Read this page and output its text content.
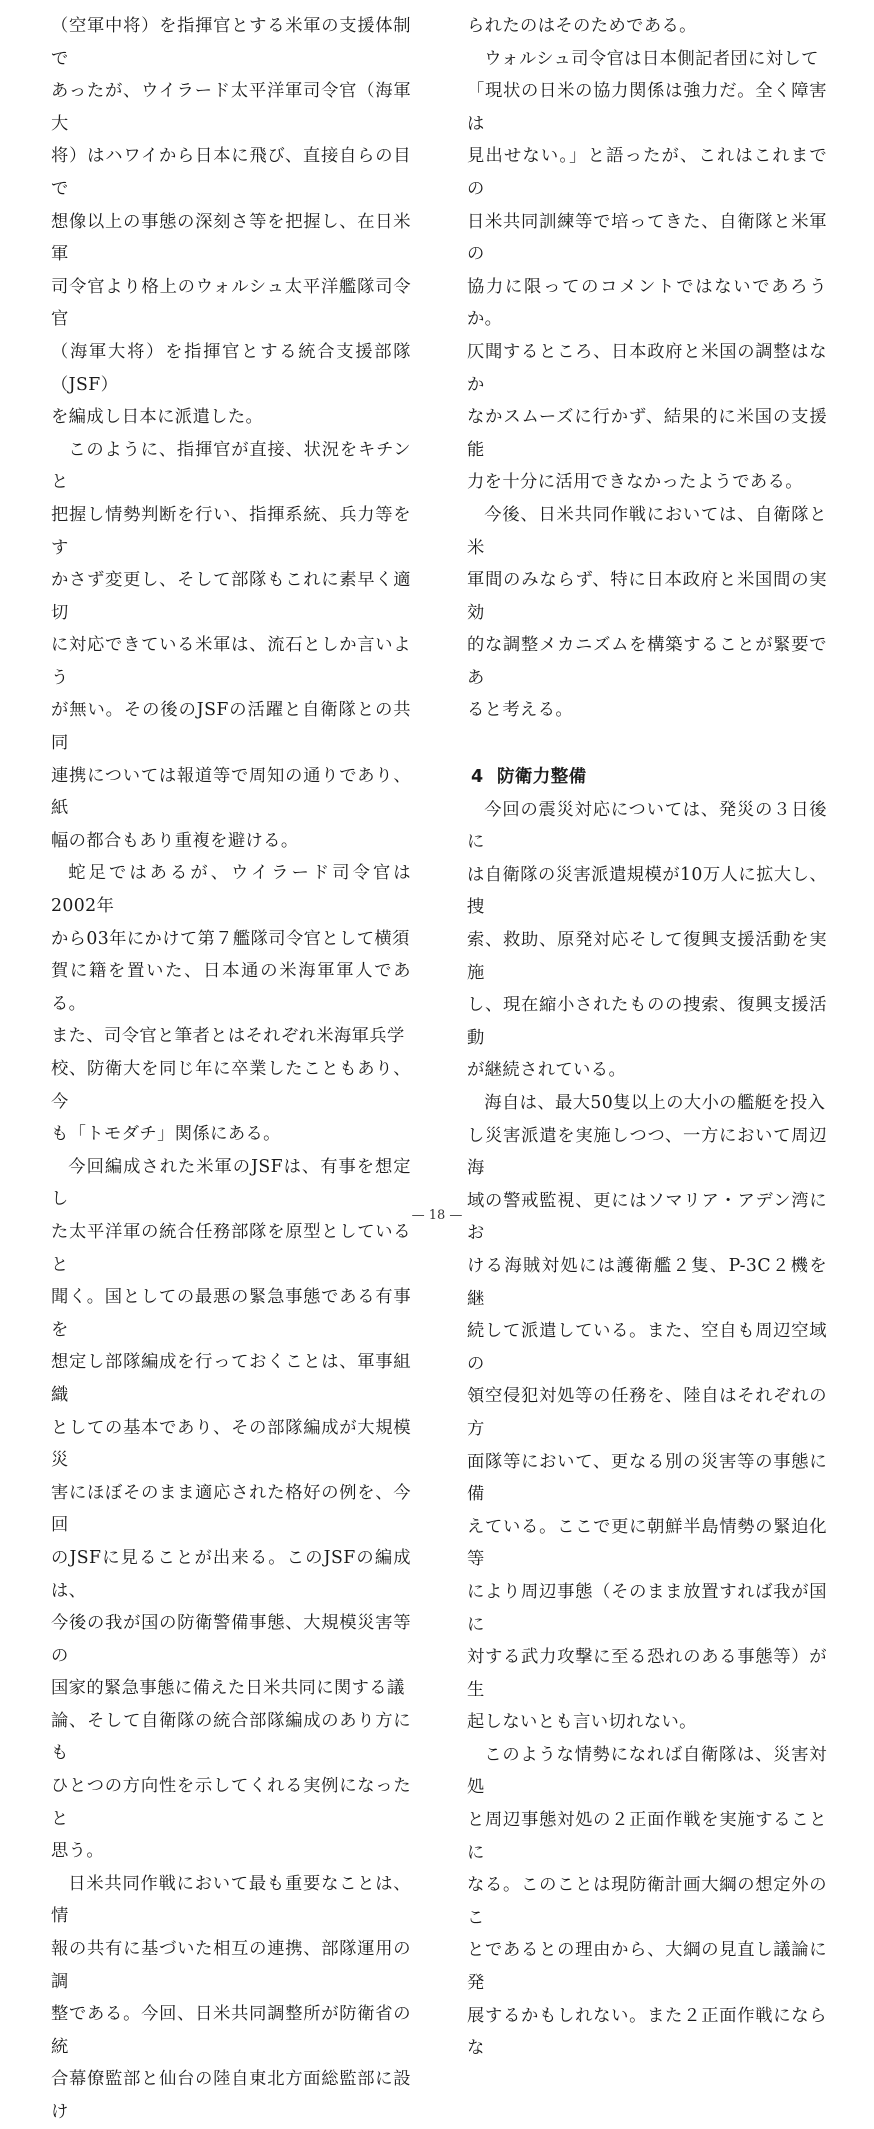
（空軍中将）を指揮官とする米軍の支援体制で
あったが、ウイラード太平洋軍司令官（海軍大
将）はハワイから日本に飛び、直接自らの目で
想像以上の事態の深刻さ等を把握し、在日米軍
司令官より格上のウォルシュ太平洋艦隊司令官
（海軍大将）を指揮官とする統合支援部隊（JSF）
を編成し日本に派遣した。

このように、指揮官が直接、状況をキチンと
把握し情勢判断を行い、指揮系統、兵力等をす
かさず変更し、そして部隊もこれに素早く適切
に対応できている米軍は、流石としか言いよう
が無い。その後のJSFの活躍と自衛隊との共同
連携については報道等で周知の通りであり、紙
幅の都合もあり重複を避ける。

蛇足ではあるが、ウイラード司令官は2002年
から03年にかけて第７艦隊司令官として横須
賀に籍を置いた、日本通の米海軍軍人である。
また、司令官と筆者とはそれぞれ米海軍兵学
校、防衛大を同じ年に卒業したこともあり、今
も「トモダチ」関係にある。

今回編成された米軍のJSFは、有事を想定し
た太平洋軍の統合任務部隊を原型としていると
聞く。国としての最悪の緊急事態である有事を
想定し部隊編成を行っておくことは、軍事組織
としての基本であり、その部隊編成が大規模災
害にほぼそのまま適応された格好の例を、今回
のJSFに見ることが出来る。このJSFの編成は、
今後の我が国の防衛警備事態、大規模災害等の
国家的緊急事態に備えた日米共同に関する議
論、そして自衛隊の統合部隊編成のあり方にも
ひとつの方向性を示してくれる実例になったと
思う。

日米共同作戦において最も重要なことは、情
報の共有に基づいた相互の連携、部隊運用の調
整である。今回、日米共同調整所が防衛省の統
合幕僚監部と仙台の陸自東北方面総監部に設け

られたのはそのためである。

ウォルシュ司令官は日本側記者団に対して
「現状の日米の協力関係は強力だ。全く障害は
見出せない。」と語ったが、これはこれまでの
日米共同訓練等で培ってきた、自衛隊と米軍の
協力に限ってのコメントではないであろうか。
仄聞するところ、日本政府と米国の調整はなか
なかスムーズに行かず、結果的に米国の支援能
力を十分に活用できなかったようである。

今後、日米共同作戦においては、自衛隊と米
軍間のみならず、特に日本政府と米国間の実効
的な調整メカニズムを構築することが緊要であ
ると考える。

4 防衛力整備

今回の震災対応については、発災の３日後に
は自衛隊の災害派遣規模が10万人に拡大し、捜
索、救助、原発対応そして復興支援活動を実施
し、現在縮小されたものの捜索、復興支援活動
が継続されている。

海自は、最大50隻以上の大小の艦艇を投入
し災害派遣を実施しつつ、一方において周辺海
域の警戒監視、更にはソマリア・アデン湾にお
ける海賊対処には護衛艦２隻、P-3C２機を継
続して派遣している。また、空自も周辺空域の
領空侵犯対処等の任務を、陸自はそれぞれの方
面隊等において、更なる別の災害等の事態に備
えている。ここで更に朝鮮半島情勢の緊迫化等
により周辺事態（そのまま放置すれば我が国に
対する武力攻撃に至る恐れのある事態等）が生
起しないとも言い切れない。

このような情勢になれば自衛隊は、災害対処
と周辺事態対処の２正面作戦を実施することに
なる。このことは現防衛計画大綱の想定外のこ
とであるとの理由から、大綱の見直し議論に発
展するかもしれない。また２正面作戦にならな

— 18 —
